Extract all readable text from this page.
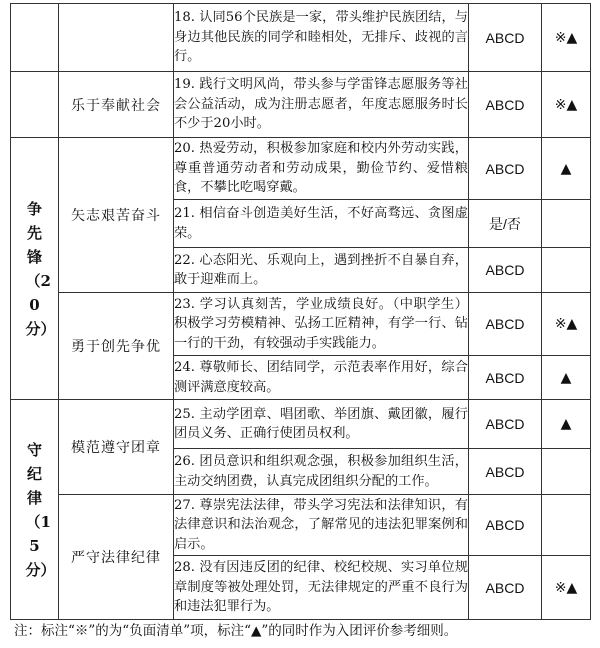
		18. 认同56个民族是一家，带头维护民族团结，与身边其他民族的同学和睦相处，无排斥、歧视的言行。	ABCD	※▲
	乐于奉献社会	19. 践行文明风尚，带头参与学雷锋志愿服务等社会公益活动，成为注册志愿者，年度志愿服务时长不少于20小时。	ABCD	※▲
争先锋（20分）	矢志艰苦奋斗	20. 热爱劳动，积极参加家庭和校内外劳动实践，尊重普通劳动者和劳动成果，勤俭节约、爱惜粮食，不攀比吃喝穿戴。	ABCD	▲
		21. 相信奋斗创造美好生活，不好高骛远、贪图虚荣。	是/否	
		22. 心态阳光、乐观向上，遇到挫折不自暴自弃，敢于迎难而上。	ABCD	
	勇于创先争优	23. 学习认真刻苦，学业成绩良好。（中职学生）积极学习劳模精神、弘扬工匠精神，有学一行、钻一行的干劲，有较强动手实践能力。	ABCD	※▲
		24. 尊敬师长、团结同学，示范表率作用好，综合测评满意度较高。	ABCD	▲
守纪律（15分）	模范遵守团章	25. 主动学团章、唱团歌、举团旗、戴团徽，履行团员义务、正确行使团员权利。	ABCD	▲
		26. 团员意识和组织观念强，积极参加组织生活，主动交纳团费，认真完成团组织分配的工作。	ABCD	
	严守法律纪律	27. 尊崇宪法法律，带头学习宪法和法律知识，有法律意识和法治观念，了解常见的违法犯罪案例和启示。	ABCD	
		28. 没有因违反团的纪律、校纪校规、实习单位规章制度等被处理处罚，无法律规定的严重不良行为和违法犯罪行为。	ABCD	※▲
注：标注“※”的为“负面清单”项，标注“▲”的同时作为入团评价参考细则。
